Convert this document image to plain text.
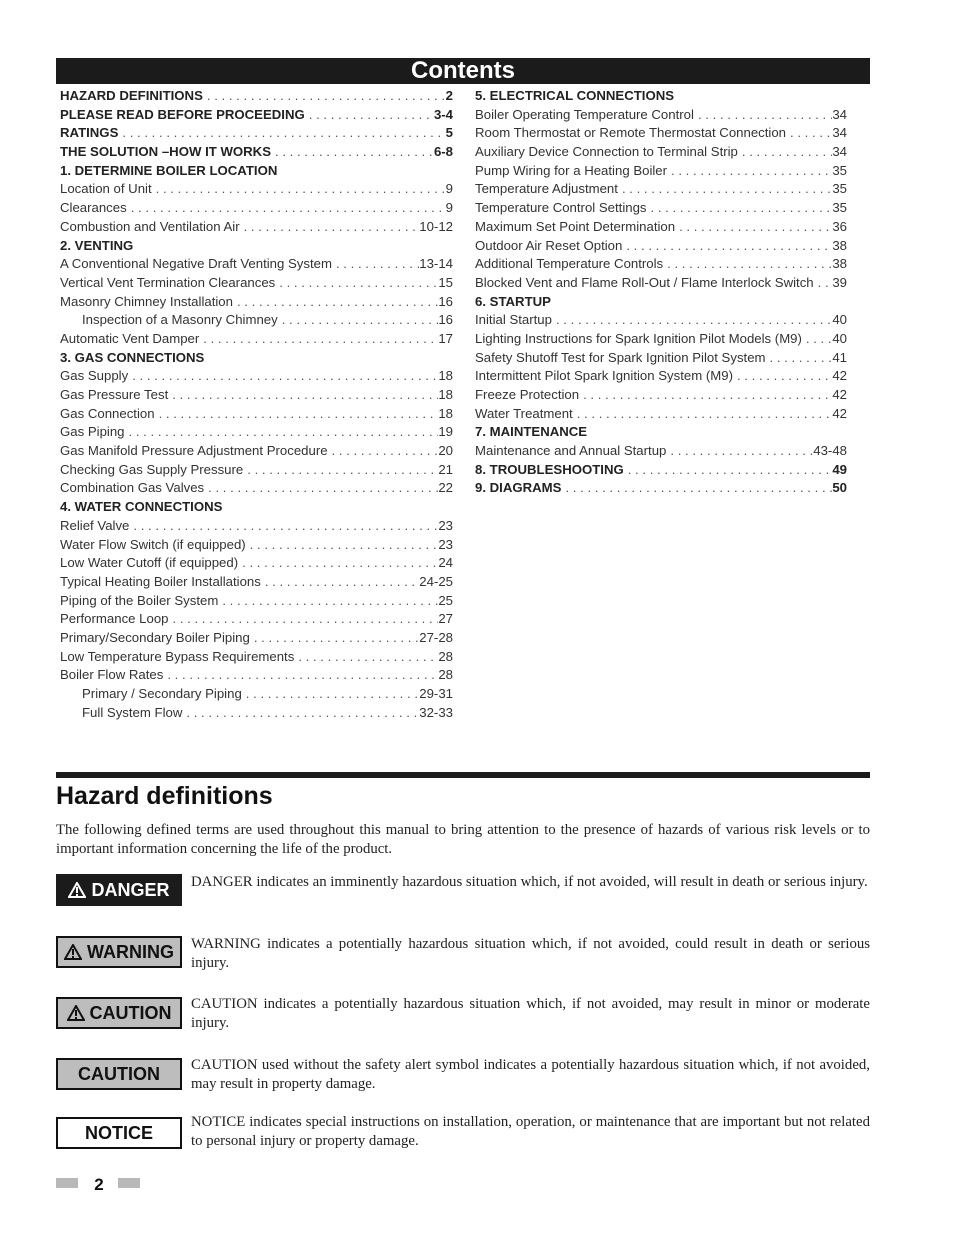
Contents
HAZARD DEFINITIONS . . .	2
PLEASE READ BEFORE PROCEEDING . . .	3-4
RATINGS . . .	5
THE SOLUTION –HOW IT WORKS . . .	6-8
1. DETERMINE BOILER LOCATION
Location of Unit . . .	9
Clearances . . .	9
Combustion and Ventilation Air . . .	10-12
2. VENTING
A Conventional Negative Draft Venting System . . .	13-14
Vertical Vent Termination Clearances . . .	15
Masonry Chimney Installation . . .	16
Inspection of a Masonry Chimney . . .	16
Automatic Vent Damper . . .	17
3. GAS CONNECTIONS
Gas Supply . . .	18
Gas Pressure Test . . .	18
Gas Connection . . .	18
Gas Piping . . .	19
Gas Manifold Pressure Adjustment Procedure . . .	20
Checking Gas Supply Pressure . . .	21
Combination Gas Valves . . .	22
4. WATER CONNECTIONS
Relief Valve . . .	23
Water Flow Switch (if equipped) . . .	23
Low Water Cutoff (if equipped) . . .	24
Typical Heating Boiler Installations . . .	24-25
Piping of the Boiler System . . .	25
Performance Loop . . .	27
Primary/Secondary Boiler Piping . . .	27-28
Low Temperature Bypass Requirements . . .	28
Boiler Flow Rates . . .	28
Primary / Secondary Piping . . .	29-31
Full System Flow . . .	32-33
5. ELECTRICAL CONNECTIONS
Boiler Operating Temperature Control . . .	34
Room Thermostat or Remote Thermostat Connection . . .	34
Auxiliary Device Connection to Terminal Strip . . .	34
Pump Wiring for a Heating Boiler . . .	35
Temperature Adjustment . . .	35
Temperature Control Settings . . .	35
Maximum Set Point Determination . . .	36
Outdoor Air Reset Option . . .	38
Additional Temperature Controls . . .	38
Blocked Vent and Flame Roll-Out / Flame Interlock Switch . . . 39
6. STARTUP
Initial Startup . . .	40
Lighting Instructions for Spark Ignition Pilot Models (M9) . . . 40
Safety Shutoff Test for Spark Ignition Pilot System . . .	41
Intermittent Pilot Spark Ignition System (M9) . . .	42
Freeze Protection . . .	42
Water Treatment . . .	42
7. MAINTENANCE
Maintenance and Annual Startup . . .	43-48
8. TROUBLESHOOTING . . .	49
9. DIAGRAMS . . .	50
Hazard definitions

The following defined terms are used throughout this manual to bring attention to the presence of hazards of various risk levels or to important information concerning the life of the product.

DANGER DANGER indicates an imminently hazardous situation which, if not avoided, will result in death or serious injury.

WARNING WARNING indicates a potentially hazardous situation which, if not avoided, could result in death or serious injury.

CAUTION CAUTION indicates a potentially hazardous situation which, if not avoided, may result in minor or moderate injury.

CAUTION CAUTION used without the safety alert symbol indicates a potentially hazardous situation which, if not avoided, may result in property damage.

NOTICE

NOTICE indicates special instructions on installation, operation, or maintenance that are important but not related to personal injury or property damage.

2
